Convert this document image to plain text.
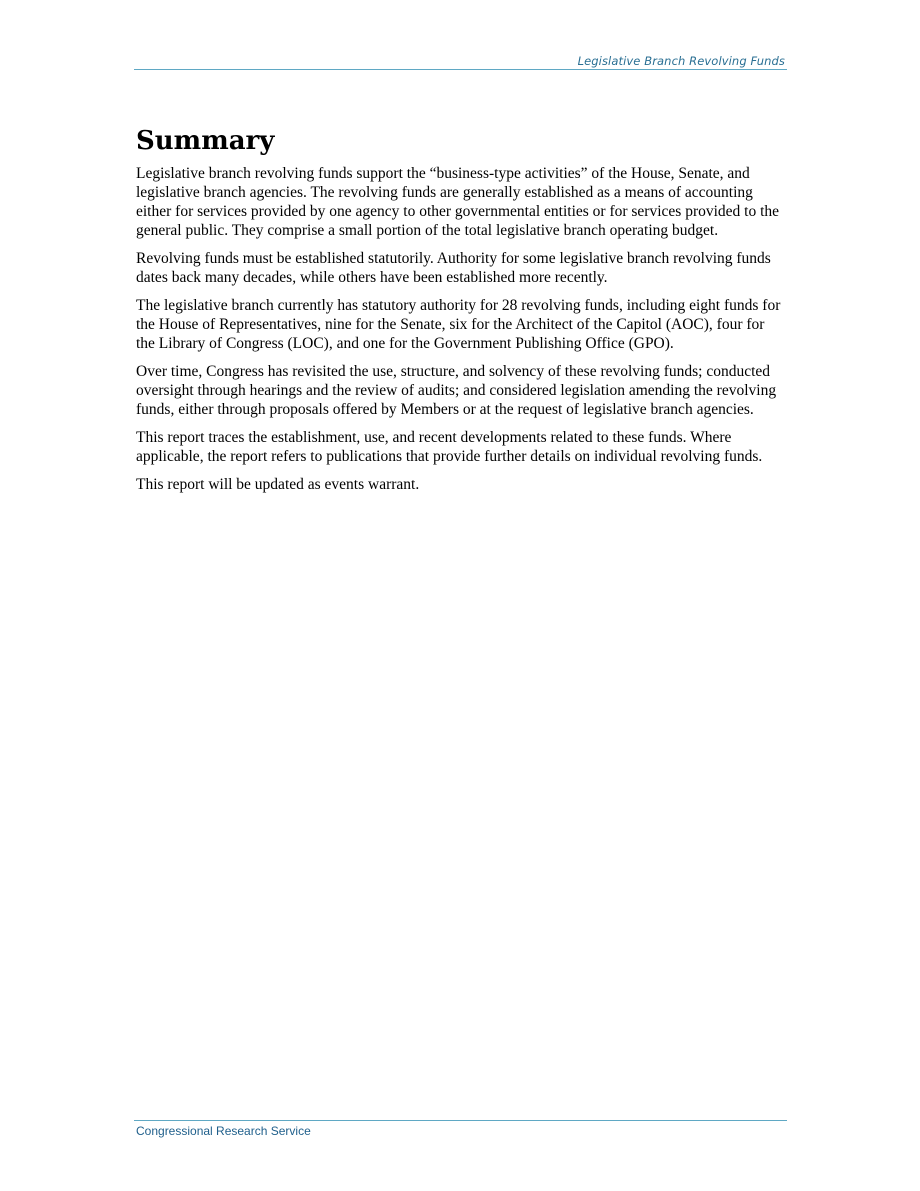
Legislative Branch Revolving Funds
Summary

Legislative branch revolving funds support the “business-type activities” of the House, Senate, and legislative branch agencies. The revolving funds are generally established as a means of accounting either for services provided by one agency to other governmental entities or for services provided to the general public. They comprise a small portion of the total legislative branch operating budget.

Revolving funds must be established statutorily. Authority for some legislative branch revolving funds dates back many decades, while others have been established more recently.

The legislative branch currently has statutory authority for 28 revolving funds, including eight funds for the House of Representatives, nine for the Senate, six for the Architect of the Capitol (AOC), four for the Library of Congress (LOC), and one for the Government Publishing Office (GPO).

Over time, Congress has revisited the use, structure, and solvency of these revolving funds; conducted oversight through hearings and the review of audits; and considered legislation amending the revolving funds, either through proposals offered by Members or at the request of legislative branch agencies.

This report traces the establishment, use, and recent developments related to these funds. Where applicable, the report refers to publications that provide further details on individual revolving funds.

This report will be updated as events warrant.

Congressional Research Service
